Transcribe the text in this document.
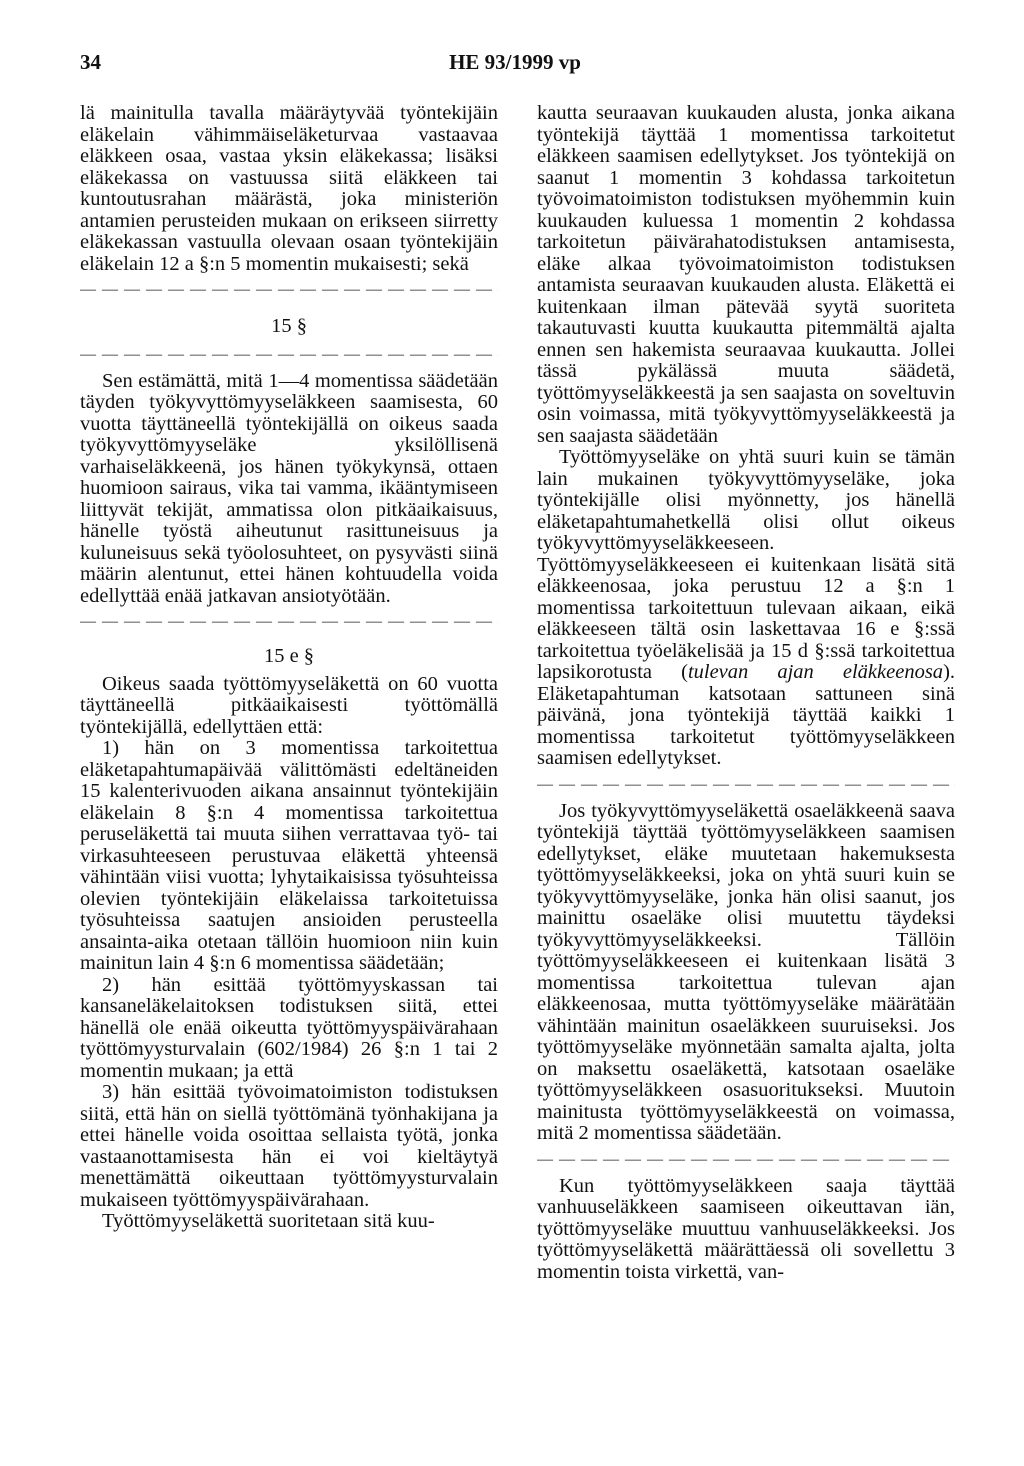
34	HE 93/1999 vp

lä mainitulla tavalla määräytyvää työntekijäin eläkelain vähimmäiseläketurvaa vastaavaa eläkkeen osaa, vastaa yksin eläkekassa; lisäksi eläkekassa on vastuussa siitä eläkkeen tai kuntoutusrahan määrästä, joka ministeriön antamien perusteiden mukaan on erikseen siirretty eläkekassan vastuulla olevaan osaan työntekijäin eläkelain 12 a §:n 5 momentin mukaisesti; sekä

— — —
15 §
— — —

Sen estämättä, mitä 1—4 momentissa säädetään täyden työkyvyttömyyseläkkeen saamisesta, 60 vuotta täyttäneellä työntekijällä on oikeus saada työkyvyttömyyseläke yksilöllisenä varhaiseläkkeenä, jos hänen työkykynsä, ottaen huomioon sairaus, vika tai vamma, ikääntymiseen liittyvät tekijät, ammatissa olon pitkäaikaisuus, hänelle työstä aiheutunut rasittuneisuus ja kuluneisuus sekä työolosuhteet, on pysyvästi siinä määrin alentunut, ettei hänen kohtuudella voida edellyttää enää jatkavan ansiotyötään.

— — —
15 e §

Oikeus saada työttömyyseläkettä on 60 vuotta täyttäneellä pitkäaikaisesti työttömällä työntekijällä, edellyttäen että:

1) hän on 3 momentissa tarkoitettua eläketapahtumapäivää välittömästi edeltäneiden 15 kalenterivuoden aikana ansainnut työntekijäin eläkelain 8 §:n 4 momentissa tarkoitettua peruseläkettä tai muuta siihen verrattavaa työ- tai virkasuhteeseen perustuvaa eläkettä yhteensä vähintään viisi vuotta; lyhytaikaisissa työsuhteissa olevien työntekijäin eläkelaissa tarkoitetuissa työsuhteissa saatujen ansioiden perusteella ansainta-aika otetaan tällöin huomioon niin kuin mainitun lain 4 §:n 6 momentissa säädetään;

2) hän esittää työttömyyskassan tai kansaneläkelaitoksen todistuksen siitä, ettei hänellä ole enää oikeutta työttömyyspäivärahaan työttömyysturvalain (602/1984) 26 §:n 1 tai 2 momentin mukaan; ja että

3) hän esittää työvoimatoimiston todistuksen siitä, että hän on siellä työttömänä työnhakijana ja ettei hänelle voida osoittaa sellaista työtä, jonka vastaanottamisesta hän ei voi kieltäytyä menettämättä oikeuttaan työttömyysturvalain mukaiseen työttömyyspäivärahaan.

Työttömyyseläkettä suoritetaan sitä kuu-

kautta seuraavan kuukauden alusta, jonka aikana työntekijä täyttää 1 momentissa tarkoitetut eläkkeen saamisen edellytykset. Jos työntekijä on saanut 1 momentin 3 kohdassa tarkoitetun työvoimatoimiston todistuksen myöhemmin kuin kuukauden kuluessa 1 momentin 2 kohdassa tarkoitetun päivärahatodistuksen antamisesta, eläke alkaa työvoimatoimiston todistuksen antamista seuraavan kuukauden alusta. Eläkettä ei kuitenkaan ilman pätevää syytä suoriteta takautuvasti kuutta kuukautta pitemmältä ajalta ennen sen hakemista seuraavaa kuukautta. Jollei tässä pykälässä muuta säädetä, työttömyyseläkkeestä ja sen saajasta on soveltuvin osin voimassa, mitä työkyvyttömyyseläkkeestä ja sen saajasta säädetään

Työttömyyseläke on yhtä suuri kuin se tämän lain mukainen työkyvyttömyyseläke, joka työntekijälle olisi myönnetty, jos hänellä eläketapahtumahetkellä olisi ollut oikeus työkyvyttömyyseläkkeeseen. Työttömyyseläkkeeseen ei kuitenkaan lisätä sitä eläkkeenosaa, joka perustuu 12 a §:n 1 momentissa tarkoitettuun tulevaan aikaan, eikä eläkkeeseen tältä osin laskettavaa 16 e §:ssä tarkoitettua työeläkelisää ja 15 d §:ssä tarkoitettua lapsikorotusta (tulevan ajan eläkkeenosa). Eläketapahtuman katsotaan sattuneen sinä päivänä, jona työntekijä täyttää kaikki 1 momentissa tarkoitetut työttömyyseläkkeen saamisen edellytykset.

— — —

Jos työkyvyttömyyseläkettä osaeläkkeenä saava työntekijä täyttää työttömyyseläkkeen saamisen edellytykset, eläke muutetaan hakemuksesta työttömyyseläkkeeksi, joka on yhtä suuri kuin se työkyvyttömyyseläke, jonka hän olisi saanut, jos mainittu osaeläke olisi muutettu täydeksi työkyvyttömyyseläkkeeksi. Tällöin työttömyyseläkkeeseen ei kuitenkaan lisätä 3 momentissa tarkoitettua tulevan ajan eläkkeenosaa, mutta työttömyyseläke määrätään vähintään mainitun osaeläkkeen suuruiseksi. Jos työttömyyseläke myönnetään samalta ajalta, jolta on maksettu osaeläkettä, katsotaan osaeläke työttömyyseläkkeen osasuoritukseksi. Muutoin mainitusta työttömyyseläkkeestä on voimassa, mitä 2 momentissa säädetään.

— — —

Kun työttömyyseläkkeen saaja täyttää vanhuuseläkkeen saamiseen oikeuttavan iän, työttömyyseläke muuttuu vanhuuseläkkeeksi. Jos työttömyyseläkettä määrättäessä oli sovellettu 3 momentin toista virkettä, van-
